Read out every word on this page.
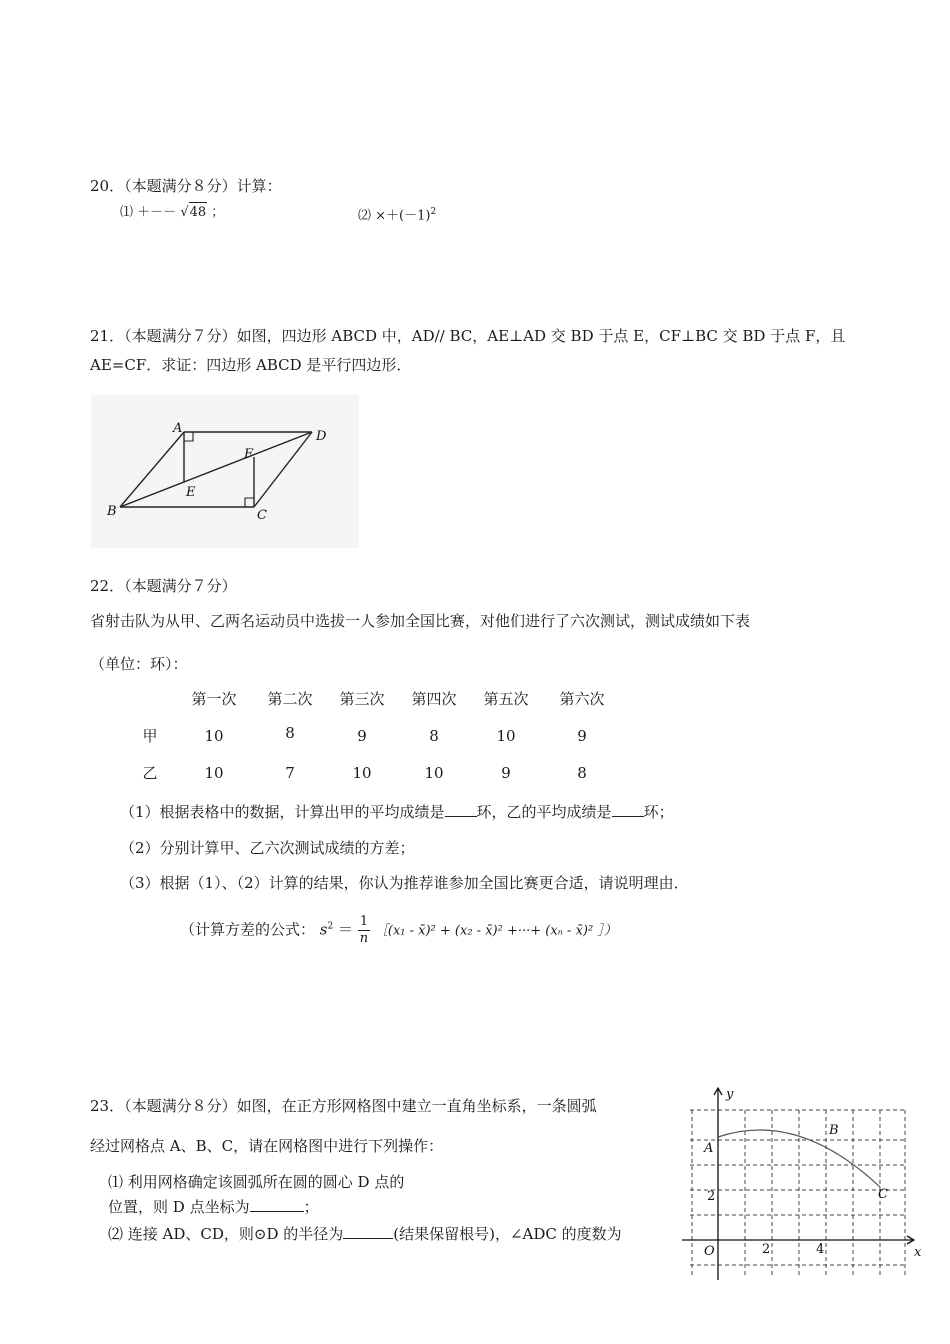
20．（本题满分８分）计算：
⑴ ＋－－ √48 ；	⑵ $\times+(-1)^2$
21．（本题满分７分）如图，四边形 ABCD 中，AD// BC，AE⊥AD 交 BD 于点 E，CF⊥BC 交 BD 于点 F，且
AE=CF．求证：四边形 ABCD 是平行四边形．
A
B	C
D
E
F
22．（本题满分７分）
省射击队为从甲、乙两名运动员中选拔一人参加全国比赛，对他们进行了六次测试，测试成绩如下表
（单位：环）：
第一次	第二次	第三次	第四次	第五次	第六次
甲	10	8	9	8	10	9
乙	10	7	10	10	9	8
（1）根据表格中的数据，计算出甲的平均成绩是 环，乙的平均成绩是 环；
（2）分别计算甲、乙六次测试成绩的方差；
（3）根据（1）、（2）计算的结果，你认为推荐谁参加全国比赛更合适，请说明理由．
（计算方差的公式： $s^2 = \frac{1}{n}$ ［(x₁ - x̄)² + (x₂ - x̄)² +···+ (xₙ - x̄)² ］）
23．（本题满分８分）如图，在正方形网格图中建立一直角坐标系，一条圆弧
经过网格点 A、B、C，请在网格图中进行下列操作：
⑴ 利用网格确定该圆弧所在圆的圆心 D 点的
位置，则 D 点坐标为	；
⑵ 连接 AD、CD，则⊙D 的半径为	(结果保留根号)，∠ADC 的度数为
y
x
O	2	4
2
A
B
C
